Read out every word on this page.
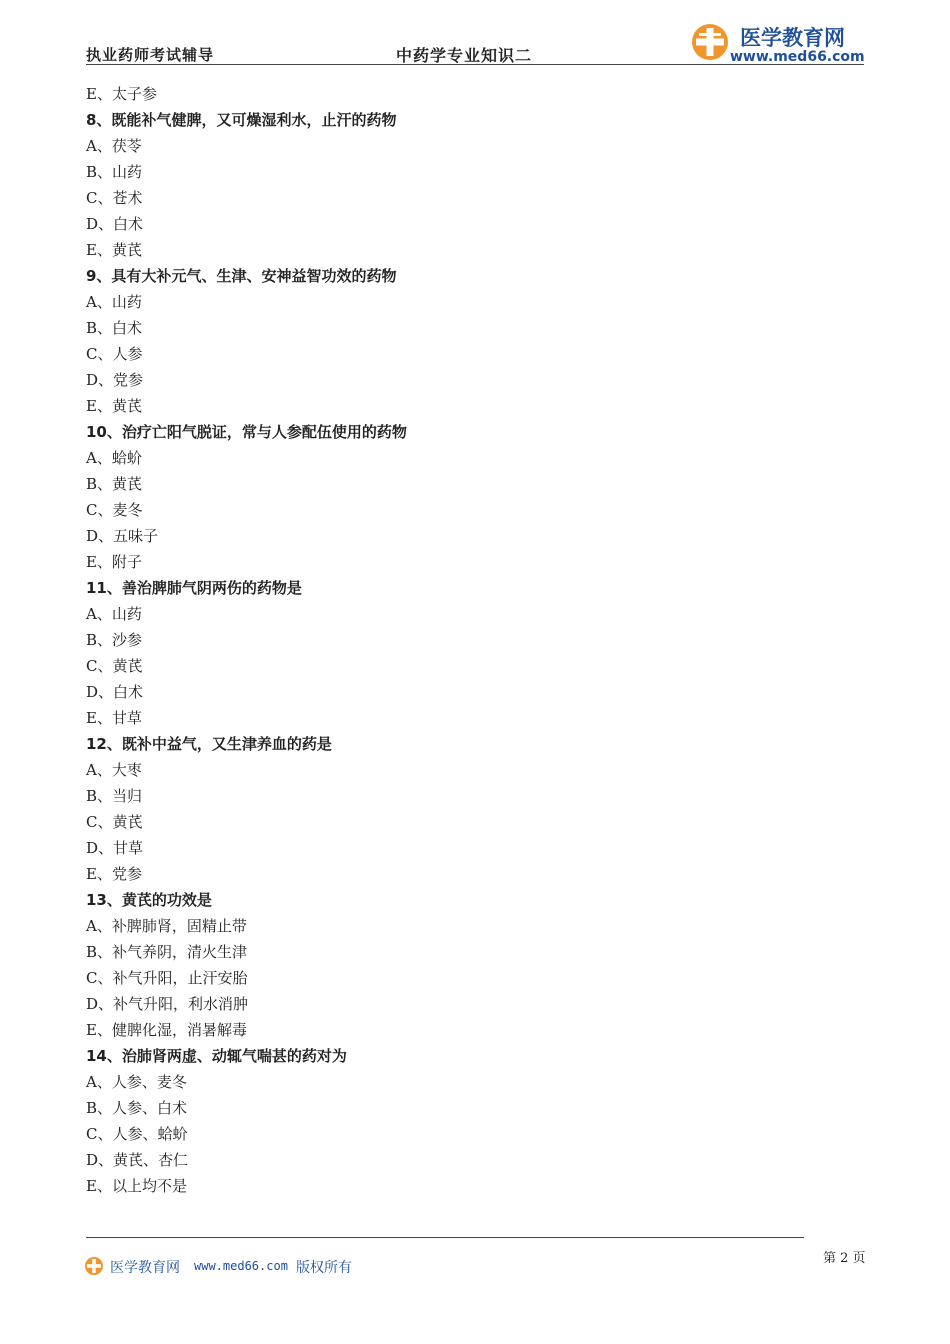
执业药师考试辅导	中药学专业知识二
医学教育网
www.med66.com
E、太子参
8、既能补气健脾，又可燥湿利水，止汗的药物
A、茯苓
B、山药
C、苍术
D、白术
E、黄芪
9、具有大补元气、生津、安神益智功效的药物
A、山药
B、白术
C、人参
D、党参
E、黄芪
10、治疗亡阳气脱证，常与人参配伍使用的药物
A、蛤蚧
B、黄芪
C、麦冬
D、五味子
E、附子
11、善治脾肺气阴两伤的药物是
A、山药
B、沙参
C、黄芪
D、白术
E、甘草
12、既补中益气，又生津养血的药是
A、大枣
B、当归
C、黄芪
D、甘草
E、党参
13、黄芪的功效是
A、补脾肺肾，固精止带
B、补气养阴，清火生津
C、补气升阳，止汗安胎
D、补气升阳，利水消肿
E、健脾化湿，消暑解毒
14、治肺肾两虚、动辄气喘甚的药对为
A、人参、麦冬
B、人参、白术
C、人参、蛤蚧
D、黄芪、杏仁
E、以上均不是
第 2 页
医学教育网 www.med66.com 版权所有
